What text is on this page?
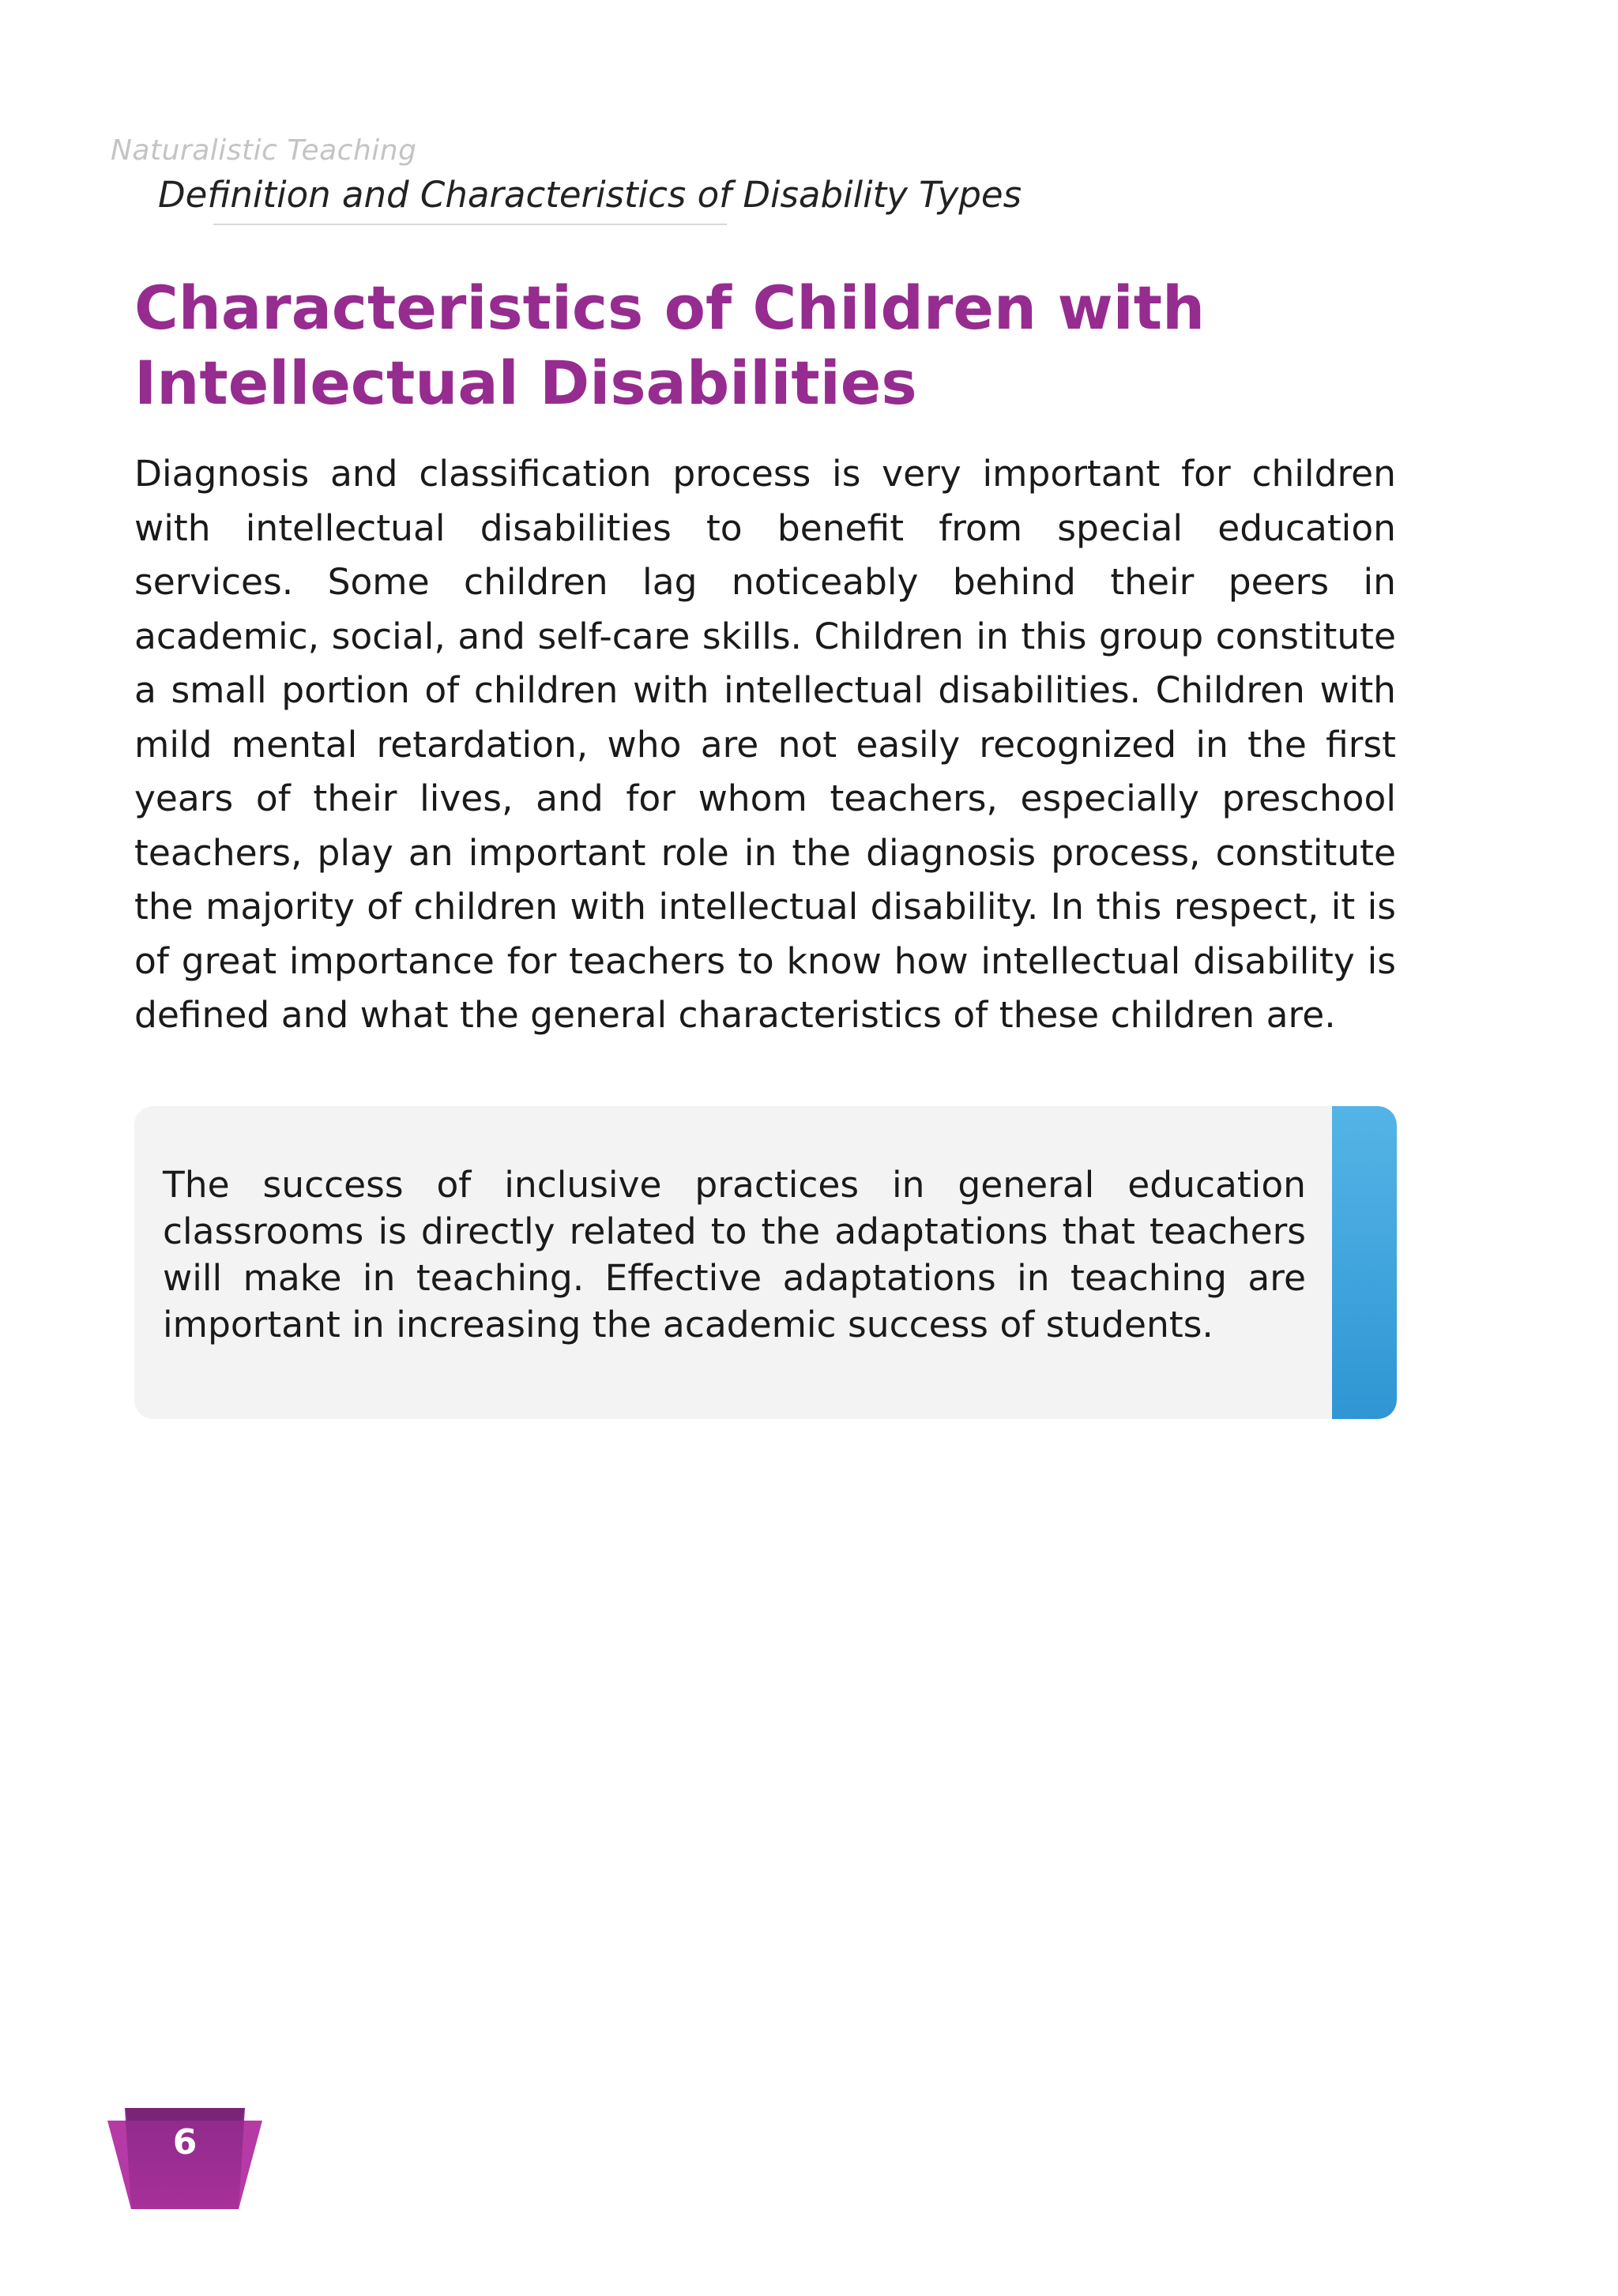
Naturalistic Teaching
Definition and Characteristics of Disability Types
Characteristics of Children with Intellectual Disabilities

Diagnosis and classification process is very important for children with intellectual disabilities to benefit from special education services. Some children lag noticeably behind their peers in academic, social, and self-care skills. Children in this group constitute a small portion of children with intellectual disabilities. Children with mild mental retardation, who are not easily recognized in the first years of their lives, and for whom teachers, especially preschool teachers, play an important role in the diagnosis process, constitute the majority of children with intellectual disability. In this respect, it is of great importance for teachers to know how intellectual disability is defined and what the general characteristics of these children are.

The success of inclusive practices in general education classrooms is directly related to the adaptations that teachers will make in teaching. Effective adaptations in teaching are important in increasing the academic success of students.

6
